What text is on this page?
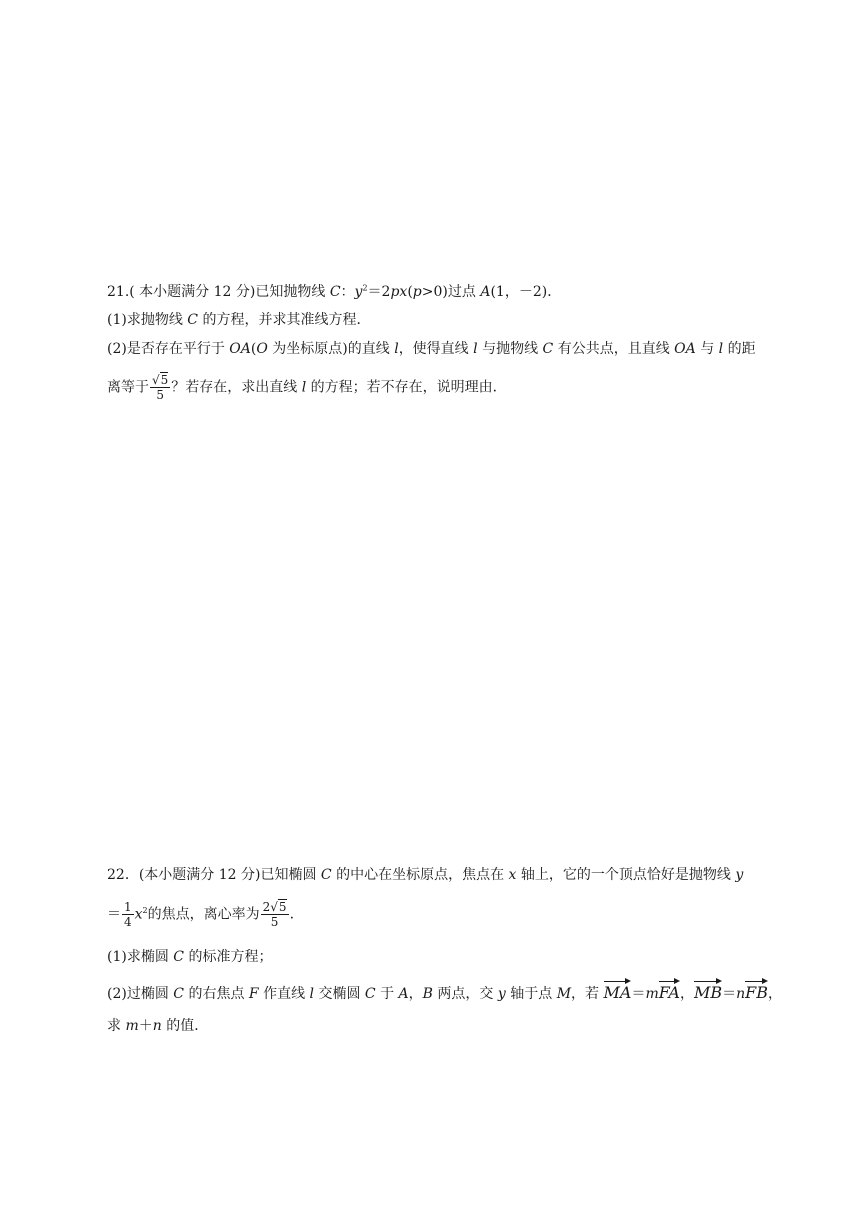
21.( 本小题满分 12 分)已知抛物线 C：$y^2=2px(p>0)$过点 A(1，－2)．
(1)求抛物线 C 的方程，并求其准线方程．
(2)是否存在平行于 OA(O 为坐标原点)的直线 l，使得直线 l 与抛物线 C 有公共点，且直线 OA 与 l 的距
离等于 $\frac{√5}{5}$ ？若存在，求出直线 l 的方程；若不存在，说明理由．
22．(本小题满分 12 分)已知椭圆 C 的中心在坐标原点，焦点在 x 轴上，它的一个顶点恰好是抛物线 y
＝ $\frac{1}{4} x^2$的焦点，离心率为 $\frac{2√5}{5}$ .
(1)求椭圆 C 的标准方程；
(2)过椭圆 C 的右焦点 F 作直线 l 交椭圆 C 于 A，B 两点，交 y 轴于点 M，若 MA＝mFA，MB＝nFB，
求 m＋n 的值．
